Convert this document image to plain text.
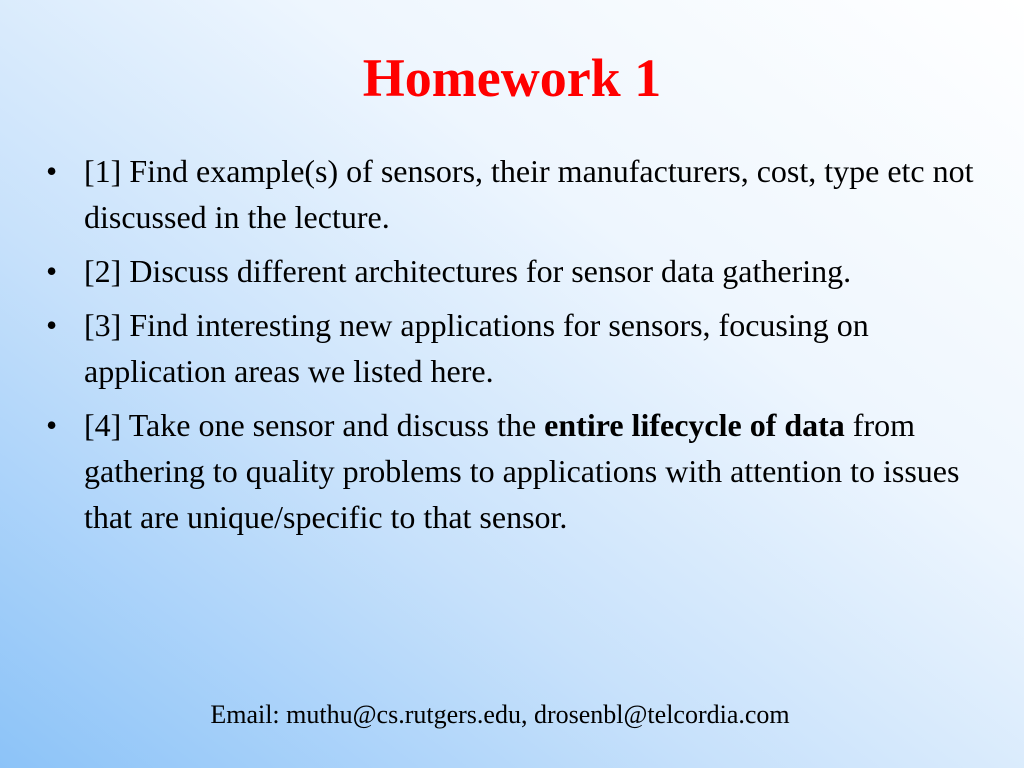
Homework 1
• [1] Find example(s) of sensors, their manufacturers, cost, type etc not discussed in the lecture.
• [2] Discuss different architectures for sensor data gathering.
• [3] Find interesting new applications for sensors, focusing on application areas we listed here.
• [4] Take one sensor and discuss the entire lifecycle of data from gathering to quality problems to applications with attention to issues that are unique/specific to that sensor.
Email: muthu@cs.rutgers.edu, drosenbl@telcordia.com
